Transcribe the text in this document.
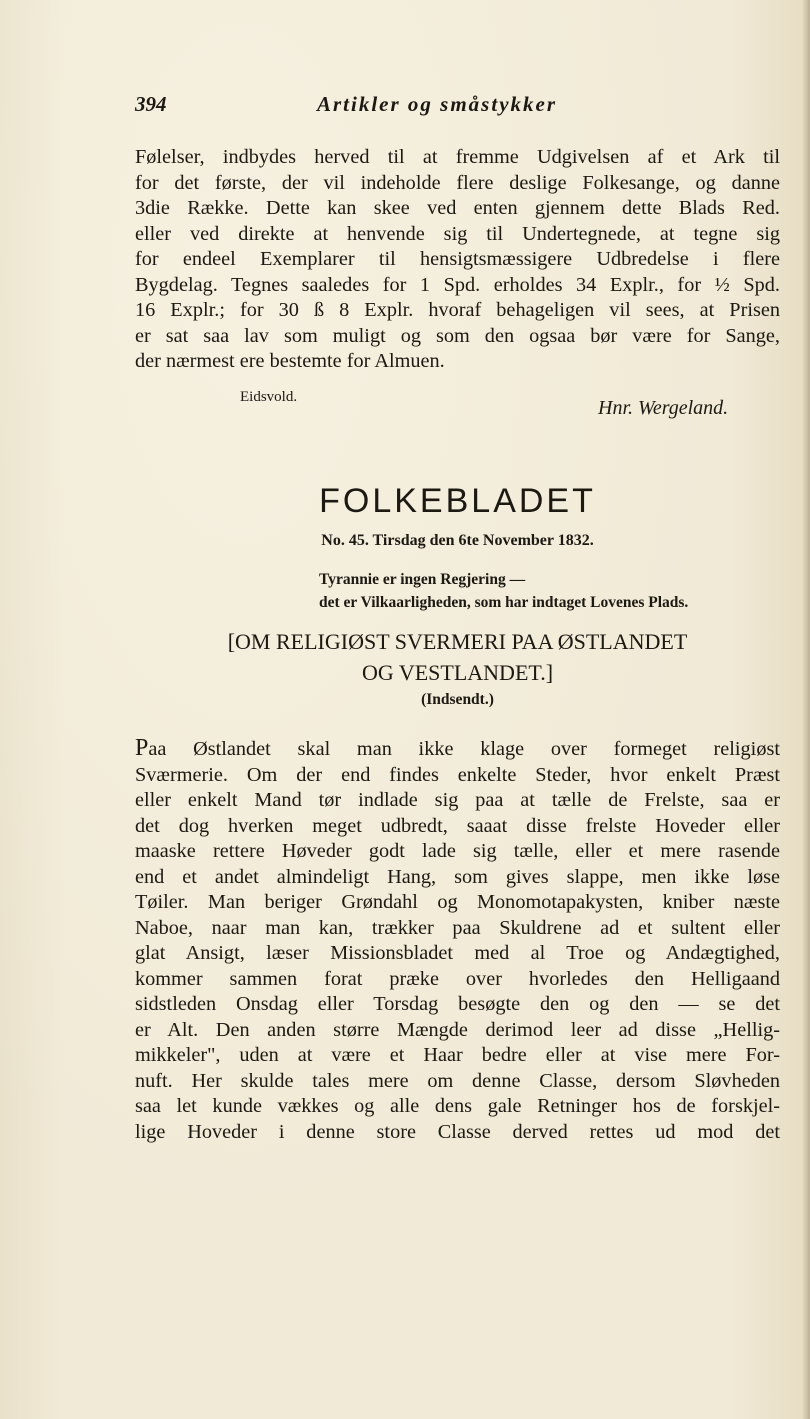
394	Artikler og småstykker
Følelser, indbydes herved til at fremme Udgivelsen af et Ark til
for det første, der vil indeholde flere deslige Folkesange, og danne
3die Række. Dette kan skee ved enten gjennem dette Blads Red.
eller ved direkte at henvende sig til Undertegnede, at tegne sig
for endeel Exemplarer til hensigtsmæssigere Udbredelse i flere
Bygdelag. Tegnes saaledes for 1 Spd. erholdes 34 Explr., for ½ Spd.
16 Explr.; for 30 ß 8 Explr. hvoraf behageligen vil sees, at Prisen
er sat saa lav som muligt og som den ogsaa bør være for Sange,
der nærmest ere bestemte for Almuen.
Eidsvold.	Hnr. Wergeland.
FOLKEBLADET
No. 45. Tirsdag den 6te November 1832.
Tyrannie er ingen Regjering —
det er Vilkaarligheden, som har indtaget Lovenes Plads.
[OM RELIGIØST SVERMERI PAA ØSTLANDET
OG VESTLANDET.]
(Indsendt.)
Paa Østlandet skal man ikke klage over formeget religiøst
Sværmerie. Om der end findes enkelte Steder, hvor enkelt Præst
eller enkelt Mand tør indlade sig paa at tælle de Frelste, saa er
det dog hverken meget udbredt, saaat disse frelste Hoveder eller
maaske rettere Høveder godt lade sig tælle, eller et mere rasende
end et andet almindeligt Hang, som gives slappe, men ikke løse
Tøiler. Man beriger Grøndahl og Monomotapakysten, kniber næste
Naboe, naar man kan, trækker paa Skuldrene ad et sultent eller
glat Ansigt, læser Missionsbladet med al Troe og Andægtighed,
kommer sammen forat præke over hvorledes den Helligaand
sidstleden Onsdag eller Torsdag besøgte den og den — se det
er Alt. Den anden større Mængde derimod leer ad disse „Hellig-
mikkeler", uden at være et Haar bedre eller at vise mere For-
nuft. Her skulde tales mere om denne Classe, dersom Sløvheden
saa let kunde vækkes og alle dens gale Retninger hos de forskjel-
lige Hoveder i denne store Classe derved rettes ud mod det
